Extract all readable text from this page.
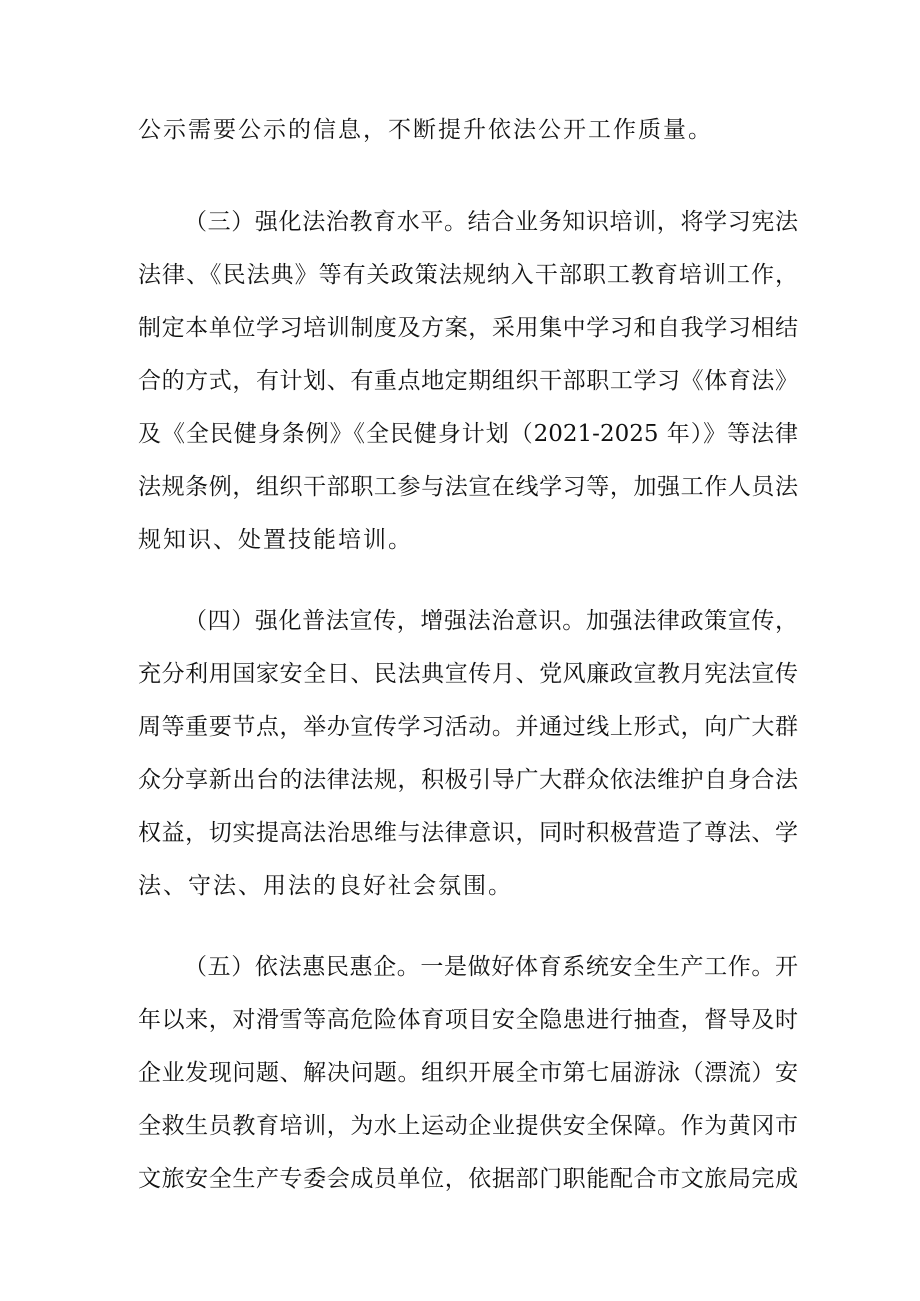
公示需要公示的信息，不断提升依法公开工作质量。

（三）强化法治教育水平。结合业务知识培训，将学习宪法
法律、《民法典》等有关政策法规纳入干部职工教育培训工作，
制定本单位学习培训制度及方案，采用集中学习和自我学习相结
合的方式，有计划、有重点地定期组织干部职工学习《体育法》
及《全民健身条例》《全民健身计划（2021-2025 年）》等法律
法规条例，组织干部职工参与法宣在线学习等，加强工作人员法
规知识、处置技能培训。

（四）强化普法宣传，增强法治意识。加强法律政策宣传，
充分利用国家安全日、民法典宣传月、党风廉政宣教月宪法宣传
周等重要节点，举办宣传学习活动。并通过线上形式，向广大群
众分享新出台的法律法规，积极引导广大群众依法维护自身合法
权益，切实提高法治思维与法律意识，同时积极营造了尊法、学
法、守法、用法的良好社会氛围。

（五）依法惠民惠企。一是做好体育系统安全生产工作。开
年以来，对滑雪等高危险体育项目安全隐患进行抽查，督导及时
企业发现问题、解决问题。组织开展全市第七届游泳（漂流）安
全救生员教育培训，为水上运动企业提供安全保障。作为黄冈市
文旅安全生产专委会成员单位，依据部门职能配合市文旅局完成
